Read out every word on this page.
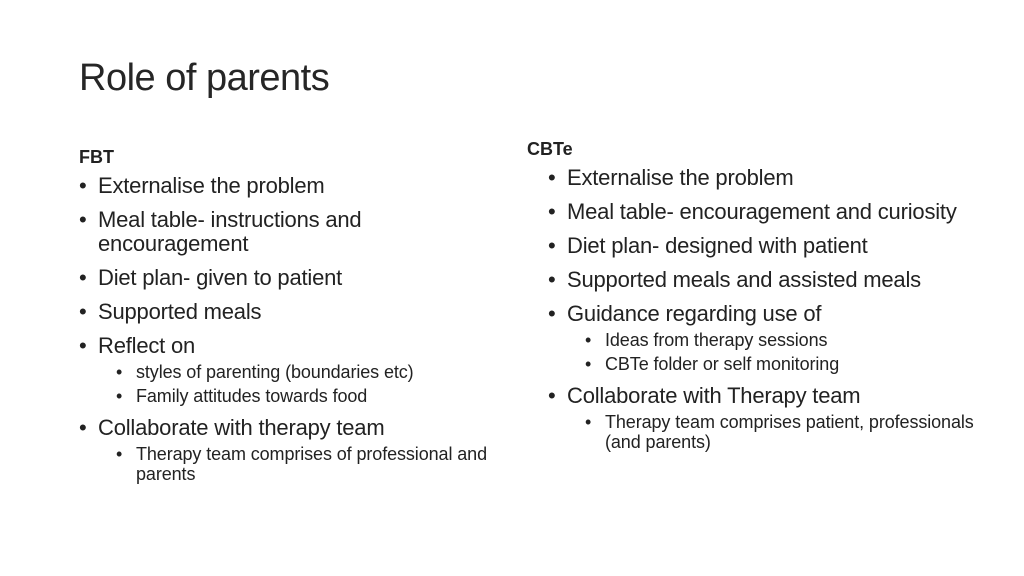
Role of parents
FBT
• Externalise the problem
• Meal table- instructions and encouragement
• Diet plan- given to patient
• Supported meals
• Reflect on
• styles of parenting (boundaries etc)
• Family attitudes towards food
• Collaborate with therapy team
• Therapy team comprises of professional and parents
CBTe
• Externalise the problem
• Meal table- encouragement and curiosity
• Diet plan- designed with patient
• Supported meals and assisted meals
• Guidance regarding use of
• Ideas from therapy sessions
• CBTe folder or self monitoring
• Collaborate with Therapy team
• Therapy team comprises patient, professionals (and parents)
